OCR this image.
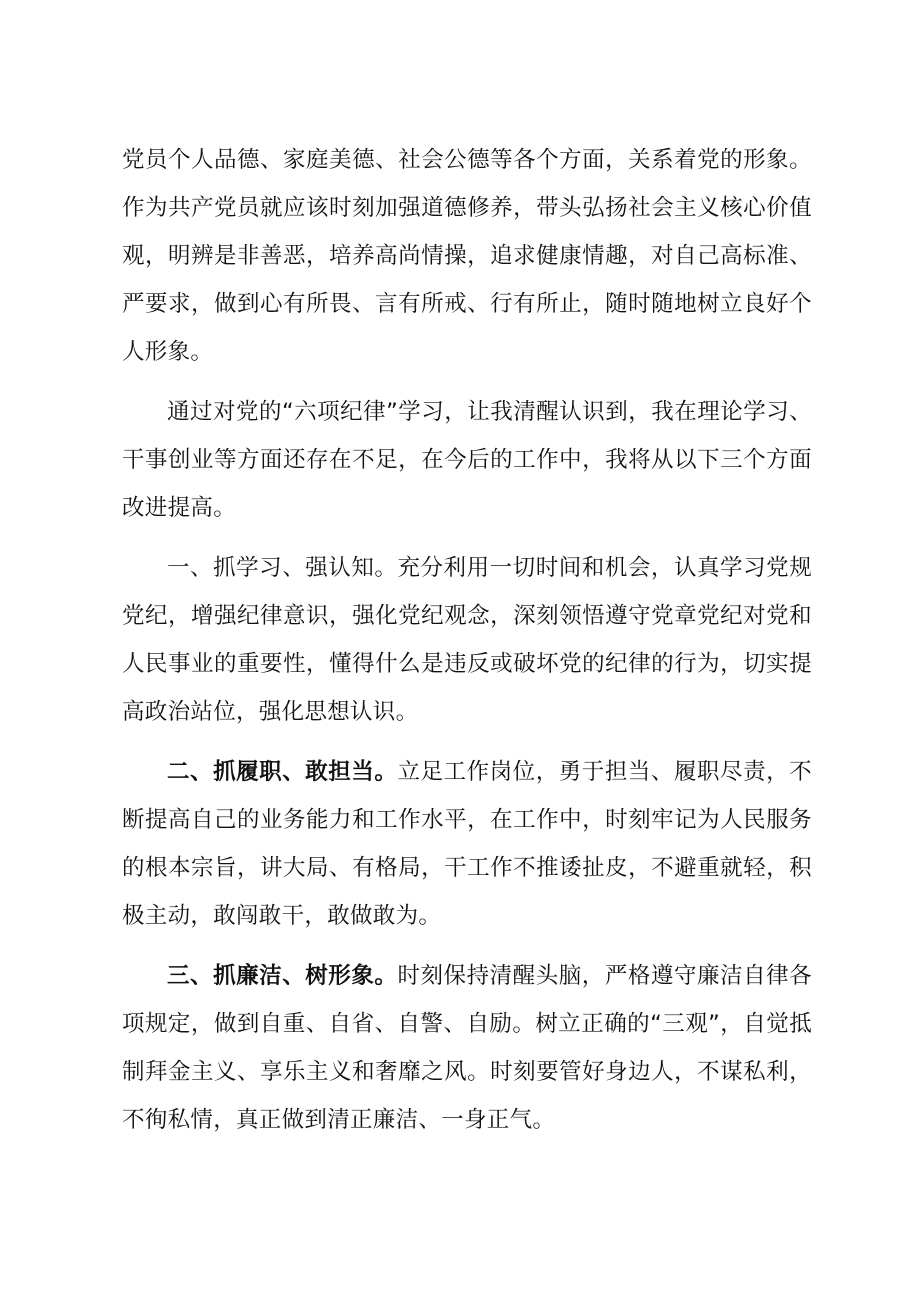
党员个人品德、家庭美德、社会公德等各个方面，关系着党的形象。作为共产党员就应该时刻加强道德修养，带头弘扬社会主义核心价值观，明辨是非善恶，培养高尚情操，追求健康情趣，对自己高标准、严要求，做到心有所畏、言有所戒、行有所止，随时随地树立良好个人形象。

通过对党的“六项纪律”学习，让我清醒认识到，我在理论学习、干事创业等方面还存在不足，在今后的工作中，我将从以下三个方面改进提高。

一、抓学习、强认知。充分利用一切时间和机会，认真学习党规党纪，增强纪律意识，强化党纪观念，深刻领悟遵守党章党纪对党和人民事业的重要性，懂得什么是违反或破坏党的纪律的行为，切实提高政治站位，强化思想认识。

二、抓履职、敢担当。立足工作岗位，勇于担当、履职尽责，不断提高自己的业务能力和工作水平，在工作中，时刻牢记为人民服务的根本宗旨，讲大局、有格局，干工作不推诿扯皮，不避重就轻，积极主动，敢闯敢干，敢做敢为。

三、抓廉洁、树形象。时刻保持清醒头脑，严格遵守廉洁自律各项规定，做到自重、自省、自警、自励。树立正确的“三观”，自觉抵制拜金主义、享乐主义和奢靡之风。时刻要管好身边人，不谋私利，不徇私情，真正做到清正廉洁、一身正气。
